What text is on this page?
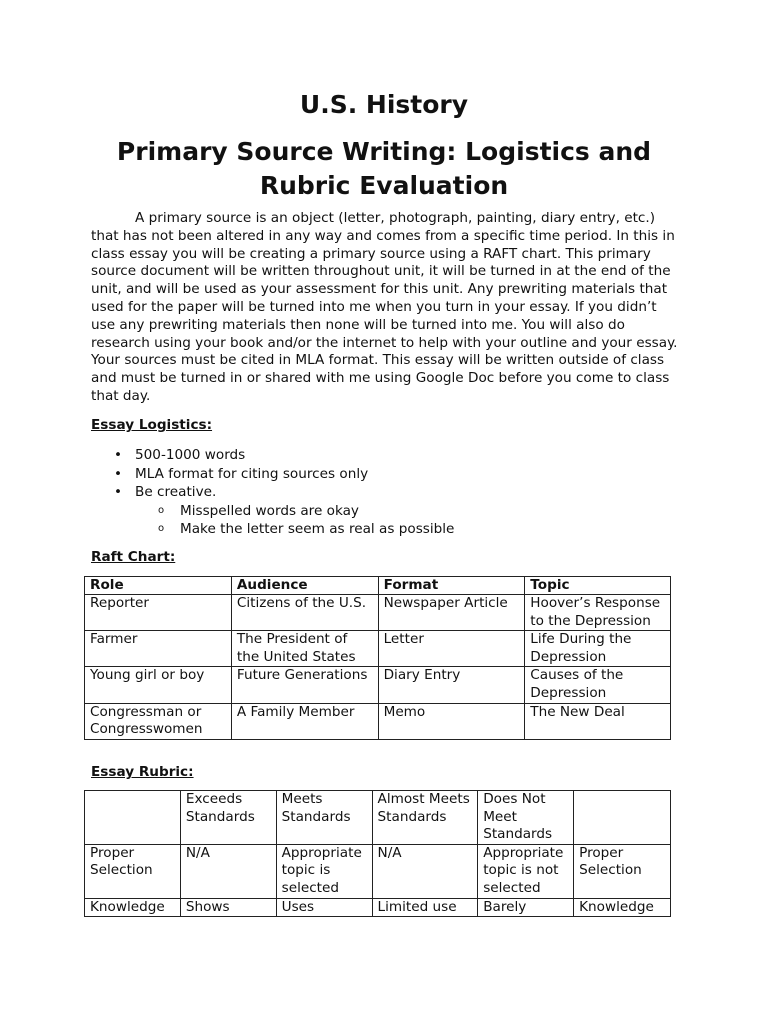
U.S. History
Primary Source Writing: Logistics and
Rubric Evaluation

A primary source is an object (letter, photograph, painting, diary entry, etc.) that has not been altered in any way and comes from a specific time period. In this in class essay you will be creating a primary source using a RAFT chart. This primary source document will be written throughout unit, it will be turned in at the end of the unit, and will be used as your assessment for this unit. Any prewriting materials that used for the paper will be turned into me when you turn in your essay. If you didn’t use any prewriting materials then none will be turned into me. You will also do research using your book and/or the internet to help with your outline and your essay. Your sources must be cited in MLA format. This essay will be written outside of class and must be turned in or shared with me using Google Doc before you come to class that day.

Essay Logistics:

• 500-1000 words
• MLA format for citing sources only
• Be creative.
o Misspelled words are okay
o Make the letter seem as real as possible

Raft Chart:

Role	Audience	Format	Topic
Reporter	Citizens of the U.S.	Newspaper Article	Hoover’s Response to the Depression
Farmer	The President of the United States	Letter	Life During the Depression
Young girl or boy	Future Generations	Diary Entry	Causes of the Depression
Congressman or Congresswomen	A Family Member	Memo	The New Deal

Essay Rubric:

	Exceeds Standards	Meets Standards	Almost Meets Standards	Does Not Meet Standards	
Proper Selection	N/A	Appropriate topic is selected	N/A	Appropriate topic is not selected	Proper Selection
Knowledge	Shows	Uses	Limited use	Barely	Knowledge
